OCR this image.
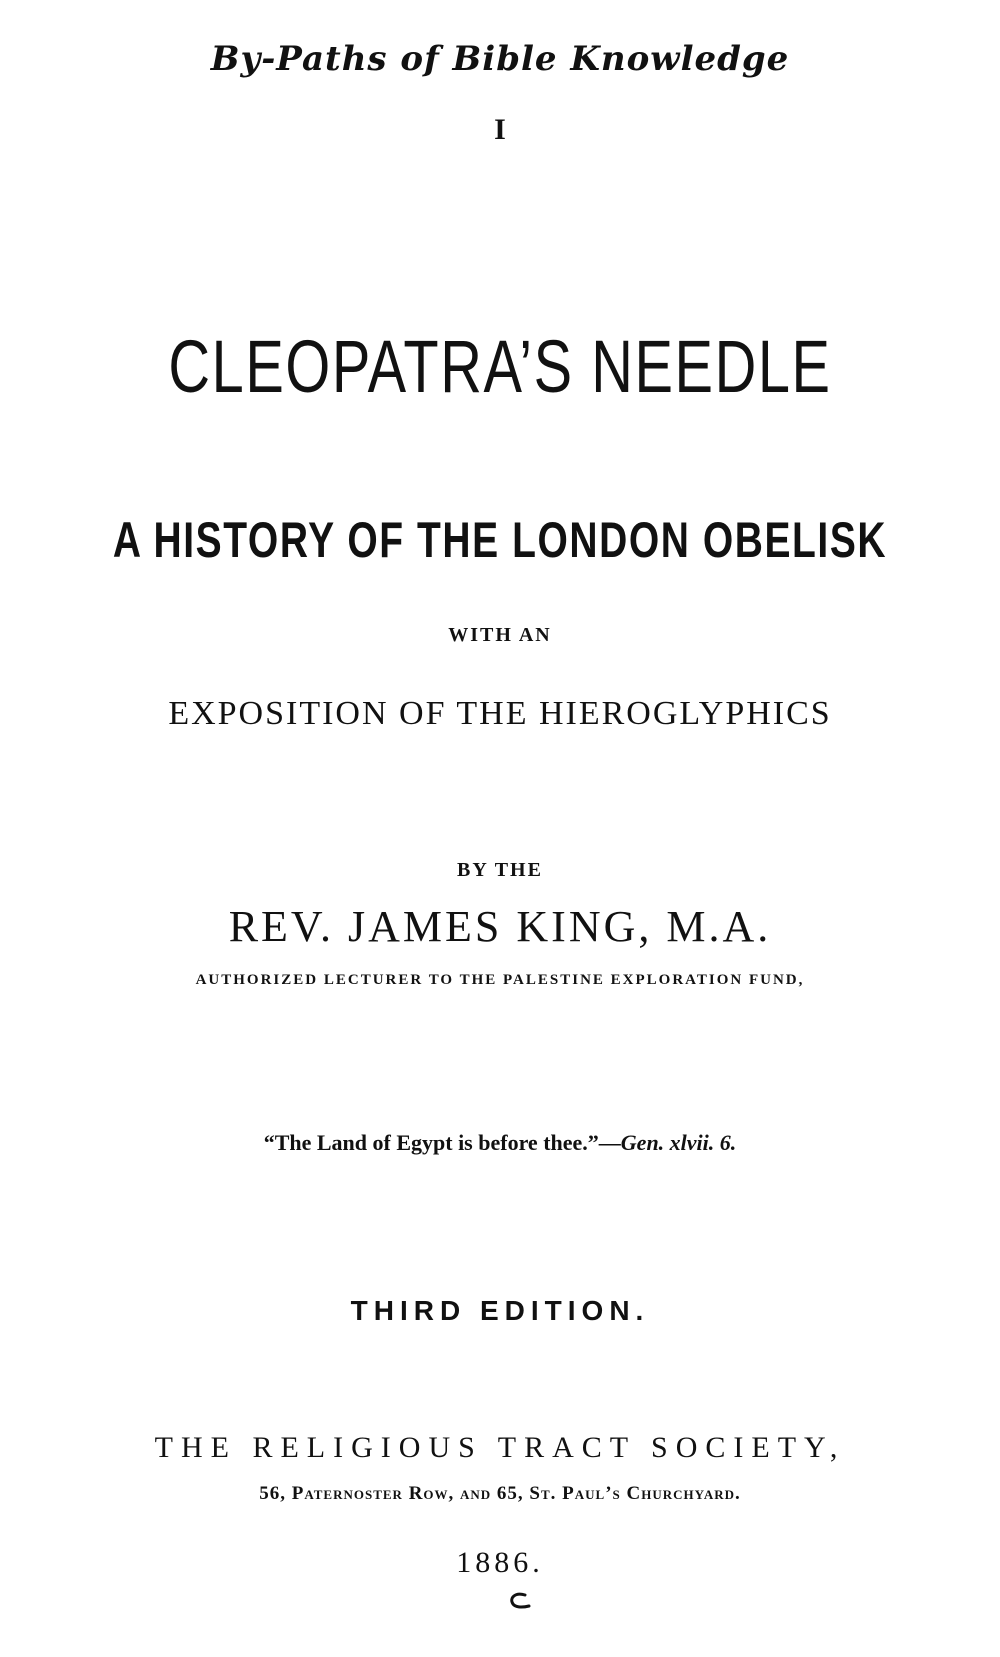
By-Paths of Bible Knowledge
I
CLEOPATRA’S NEEDLE
A HISTORY OF THE LONDON OBELISK
WITH AN
EXPOSITION OF THE HIEROGLYPHICS
BY THE
REV. JAMES KING, M.A.
AUTHORIZED LECTURER TO THE PALESTINE EXPLORATION FUND,
“The Land of Egypt is before thee.”—Gen. xlvii. 6.
THIRD EDITION.
THE RELIGIOUS TRACT SOCIETY,
56, Paternoster Row, and 65, St. Paul’s Churchyard.
1886.
